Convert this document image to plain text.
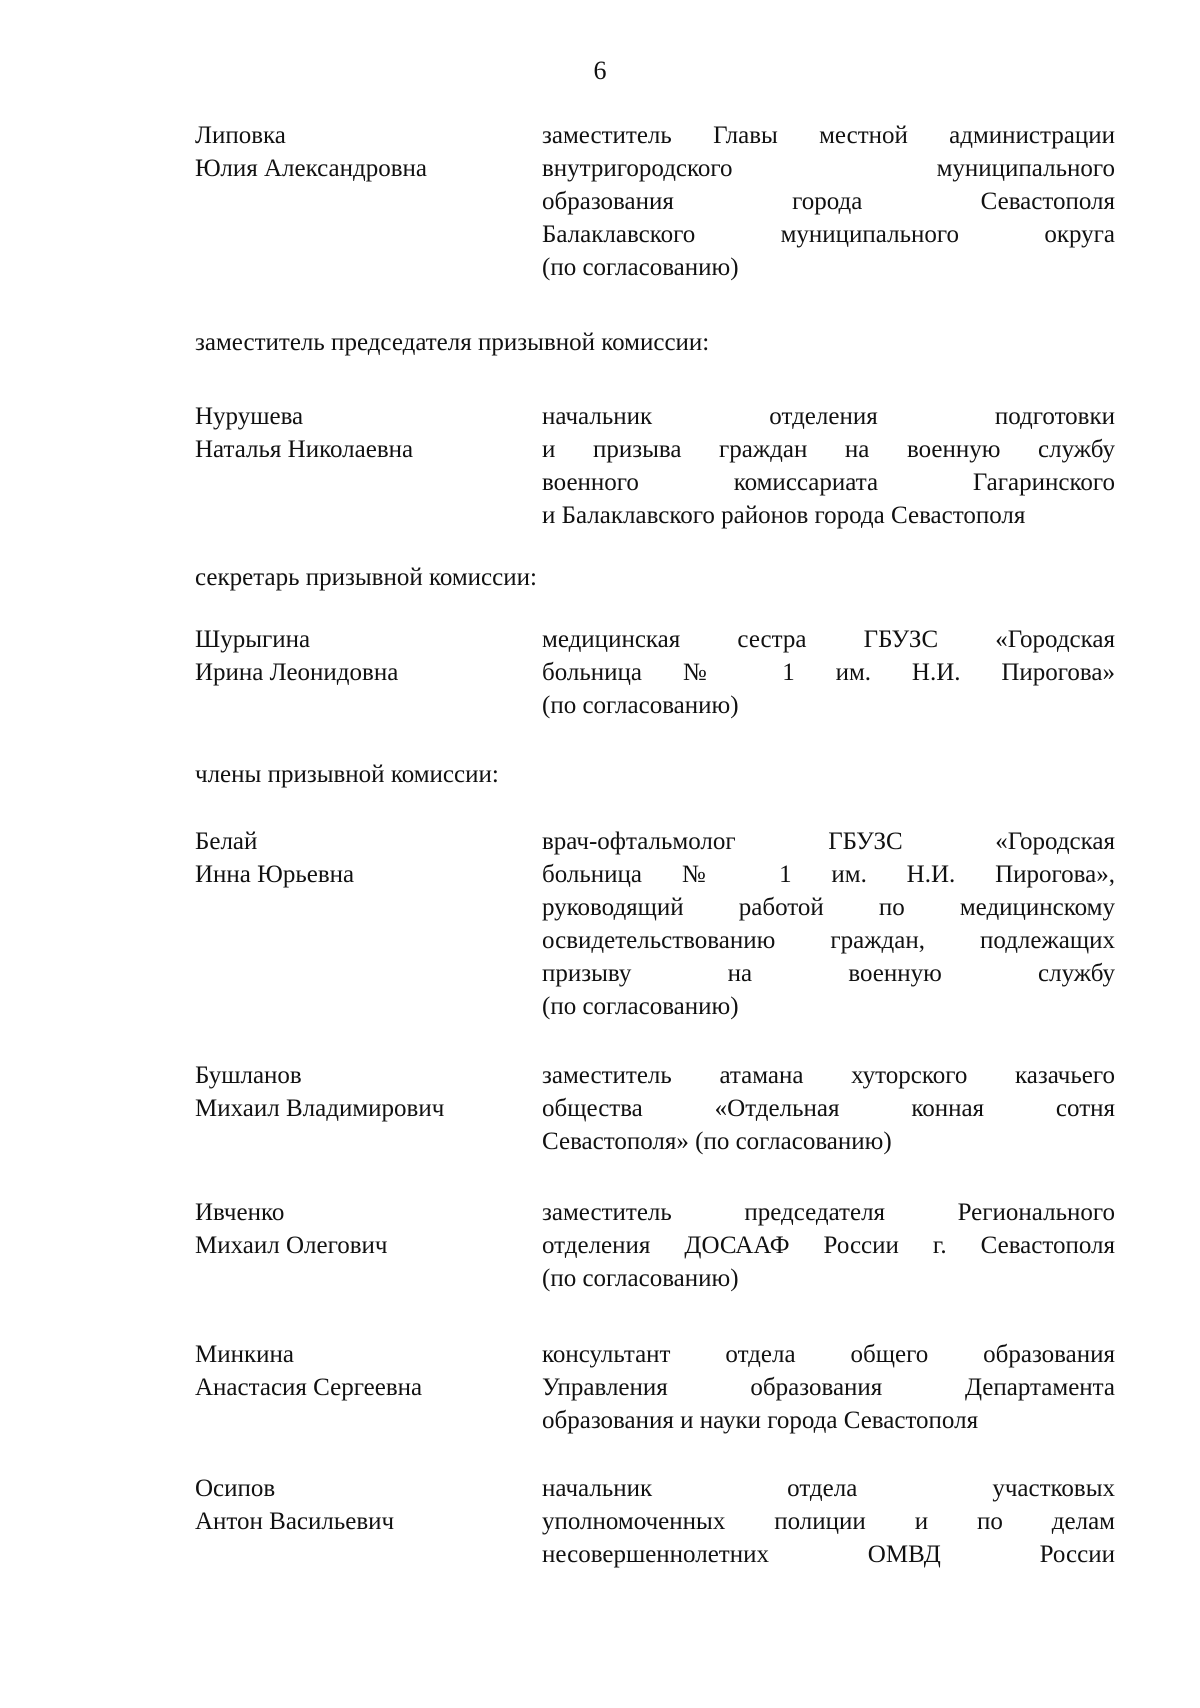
6
Липовка
Юлия Александровна
заместитель Главы местной администрации
внутригородского муниципального
образования города Севастополя
Балаклавского муниципального округа
(по согласованию)
заместитель председателя призывной комиссии:
Нурушева
Наталья Николаевна
начальник отделения подготовки
и призыва граждан на военную службу
военного комиссариата Гагаринского
и Балаклавского районов города Севастополя
секретарь призывной комиссии:
Шурыгина
Ирина Леонидовна
медицинская сестра ГБУЗС «Городская
больница № 1 им. Н.И. Пирогова»
(по согласованию)
члены призывной комиссии:
Белай
Инна Юрьевна
врач-офтальмолог ГБУЗС «Городская
больница № 1 им. Н.И. Пирогова»,
руководящий работой по медицинскому
освидетельствованию граждан, подлежащих
призыву на военную службу
(по согласованию)
Бушланов
Михаил Владимирович
заместитель атамана хуторского казачьего
общества «Отдельная конная сотня
Севастополя» (по согласованию)
Ивченко
Михаил Олегович
заместитель председателя Регионального
отделения ДОСААФ России г. Севастополя
(по согласованию)
Минкина
Анастасия Сергеевна
консультант отдела общего образования
Управления образования Департамента
образования и науки города Севастополя
Осипов
Антон Васильевич
начальник отдела участковых
уполномоченных полиции и по делам
несовершеннолетних ОМВД России
